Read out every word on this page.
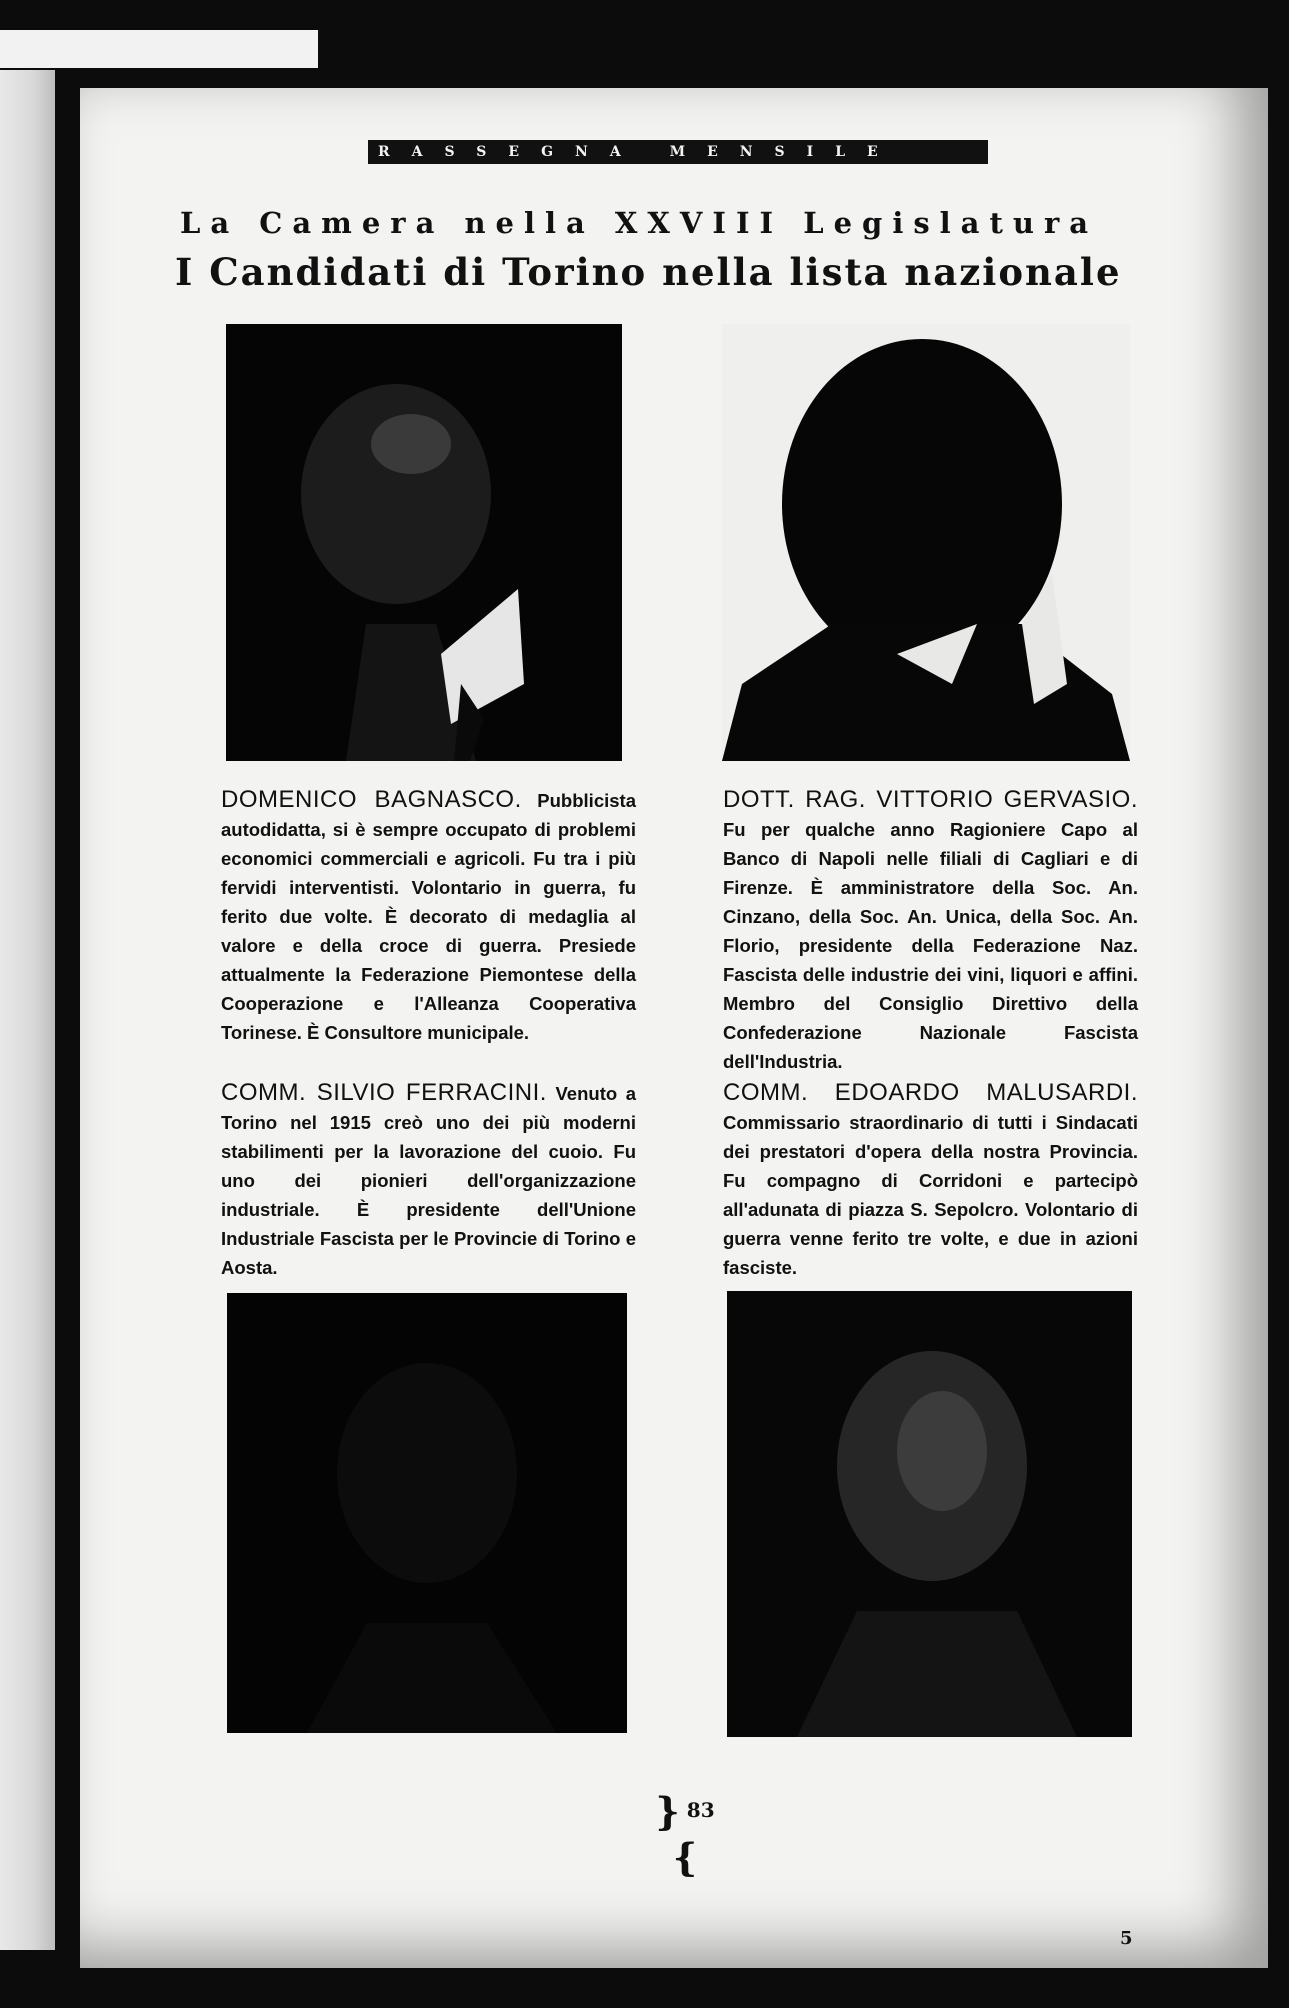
RASSEGNA MENSILE
La Camera nella XXVIII Legislatura
I Candidati di Torino nella lista nazionale
DOMENICO BAGNASCO. Pubblicista autodidatta, si è sempre occupato di problemi economici commerciali e agricoli. Fu tra i più fervidi interventisti. Volontario in guerra, fu ferito due volte. È decorato di medaglia al valore e della croce di guerra. Presiede attualmente la Federazione Piemontese della Cooperazione e l'Alleanza Cooperativa Torinese. È Consultore municipale.
DOTT. RAG. VITTORIO GERVASIO. Fu per qualche anno Ragioniere Capo al Banco di Napoli nelle filiali di Cagliari e di Firenze. È amministratore della Soc. An. Cinzano, della Soc. An. Unica, della Soc. An. Florio, presidente della Federazione Naz. Fascista delle industrie dei vini, liquori e affini. Membro del Consiglio Direttivo della Confederazione Nazionale Fascista dell'Industria.
COMM. SILVIO FERRACINI. Venuto a Torino nel 1915 creò uno dei più moderni stabilimenti per la lavorazione del cuoio. Fu uno dei pionieri dell'organizzazione industriale. È presidente dell'Unione Industriale Fascista per le Provincie di Torino e Aosta.
COMM. EDOARDO MALUSARDI. Commissario straordinario di tutti i Sindacati dei prestatori d'opera della nostra Provincia. Fu compagno di Corridoni e partecipò all'adunata di piazza S. Sepolcro. Volontario di guerra venne ferito tre volte, e due in azioni fasciste.
} 83 {
5
